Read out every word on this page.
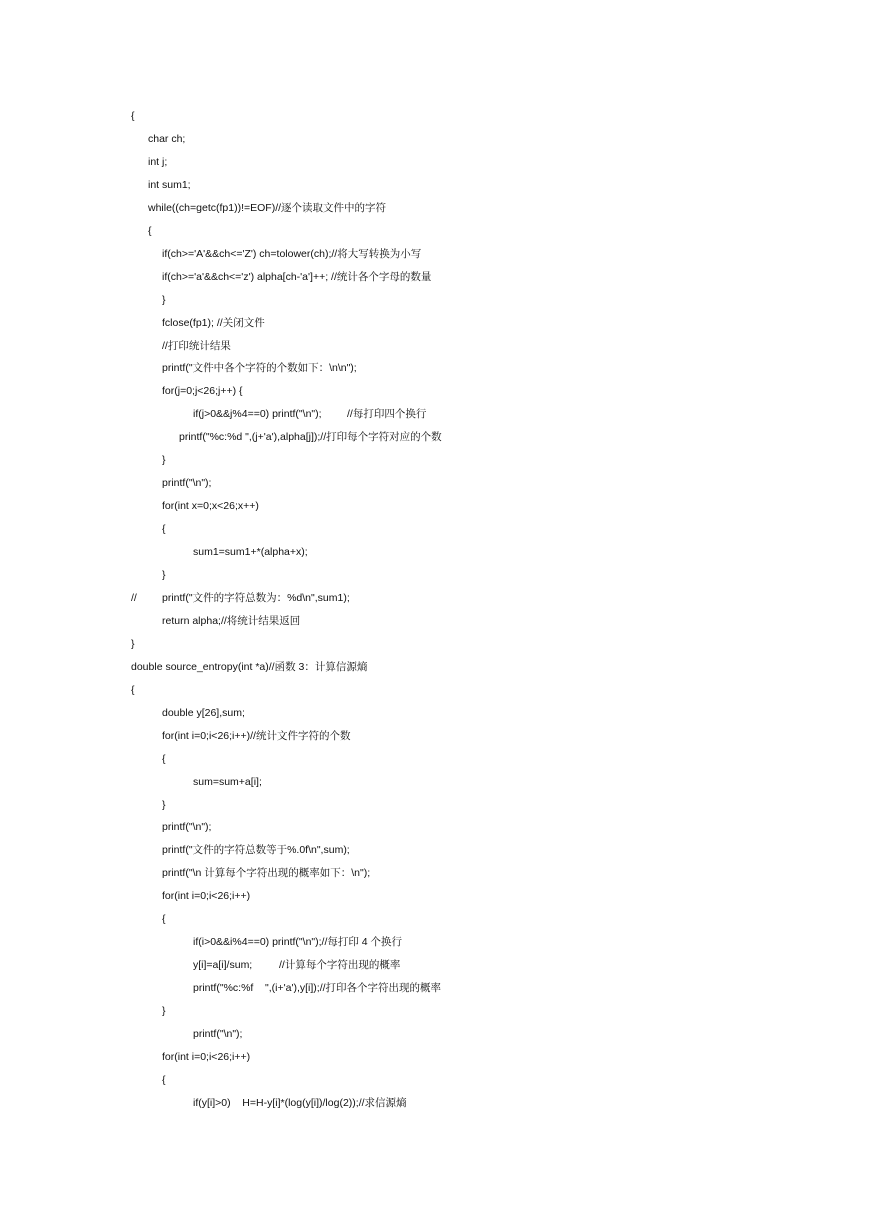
{
char ch;
int j;
int sum1;
while((ch=getc(fp1))!=EOF)//逐个读取文件中的字符
{
if(ch>='A'&&ch<='Z') ch=tolower(ch);//将大写转换为小写
if(ch>='a'&&ch<='z') alpha[ch-'a']++; //统计各个字母的数量
}
fclose(fp1); //关闭文件
//打印统计结果
printf("文件中各个字符的个数如下：\n\n");
for(j=0;j<26;j++) {
if(j>0&&j%4==0) printf("\n"); //每打印四个换行
printf("%c:%d ",(j+'a'),alpha[j]);//打印每个字符对应的个数
}
printf("\n");
for(int x=0;x<26;x++)
{
sum1=sum1+*(alpha+x);
}
// printf("文件的字符总数为：%d\n",sum1);
return alpha;//将统计结果返回
}
double source_entropy(int *a)//函数 3：计算信源熵
{
double y[26],sum;
for(int i=0;i<26;i++)//统计文件字符的个数
{
sum=sum+a[i];
}
printf("\n");
printf("文件的字符总数等于%.0f\n",sum);
printf("\n 计算每个字符出现的概率如下：\n");
for(int i=0;i<26;i++)
{
if(i>0&&i%4==0) printf("\n");//每打印 4 个换行
y[i]=a[i]/sum;	//计算每个字符出现的概率
printf("%c:%f    ",(i+'a'),y[i]);//打印各个字符出现的概率
}
printf("\n");
for(int i=0;i<26;i++)
{
if(y[i]>0)    H=H-y[i]*(log(y[i])/log(2));//求信源熵
